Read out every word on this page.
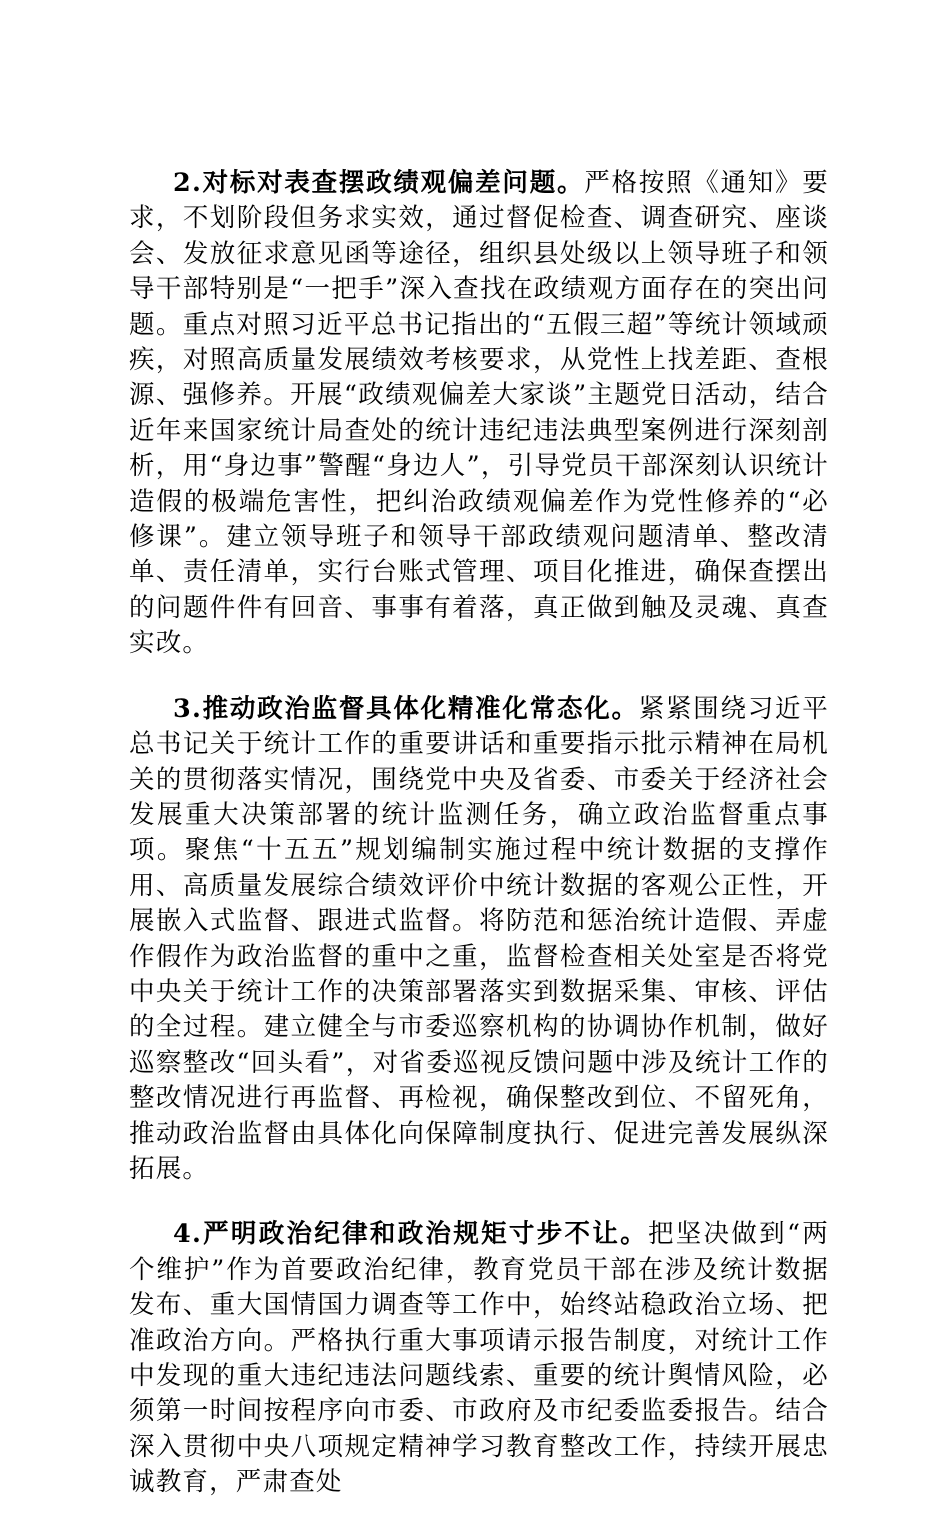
2.对标对表查摆政绩观偏差问题。严格按照《通知》要求，不划阶段但务求实效，通过督促检查、调查研究、座谈会、发放征求意见函等途径，组织县处级以上领导班子和领导干部特别是“一把手”深入查找在政绩观方面存在的突出问题。重点对照习近平总书记指出的“五假三超”等统计领域顽疾，对照高质量发展绩效考核要求，从党性上找差距、查根源、强修养。开展“政绩观偏差大家谈”主题党日活动，结合近年来国家统计局查处的统计违纪违法典型案例进行深刻剖析，用“身边事”警醒“身边人”，引导党员干部深刻认识统计造假的极端危害性，把纠治政绩观偏差作为党性修养的“必修课”。建立领导班子和领导干部政绩观问题清单、整改清单、责任清单，实行台账式管理、项目化推进，确保查摆出的问题件件有回音、事事有着落，真正做到触及灵魂、真查实改。

3.推动政治监督具体化精准化常态化。紧紧围绕习近平总书记关于统计工作的重要讲话和重要指示批示精神在局机关的贯彻落实情况，围绕党中央及省委、市委关于经济社会发展重大决策部署的统计监测任务，确立政治监督重点事项。聚焦“十五五”规划编制实施过程中统计数据的支撑作用、高质量发展综合绩效评价中统计数据的客观公正性，开展嵌入式监督、跟进式监督。将防范和惩治统计造假、弄虚作假作为政治监督的重中之重，监督检查相关处室是否将党中央关于统计工作的决策部署落实到数据采集、审核、评估的全过程。建立健全与市委巡察机构的协调协作机制，做好巡察整改“回头看”，对省委巡视反馈问题中涉及统计工作的整改情况进行再监督、再检视，确保整改到位、不留死角，推动政治监督由具体化向保障制度执行、促进完善发展纵深拓展。

4.严明政治纪律和政治规矩寸步不让。把坚决做到“两个维护”作为首要政治纪律，教育党员干部在涉及统计数据发布、重大国情国力调查等工作中，始终站稳政治立场、把准政治方向。严格执行重大事项请示报告制度，对统计工作中发现的重大违纪违法问题线索、重要的统计舆情风险，必须第一时间按程序向市委、市政府及市纪委监委报告。结合深入贯彻中央八项规定精神学习教育整改工作，持续开展忠诚教育，严肃查处
